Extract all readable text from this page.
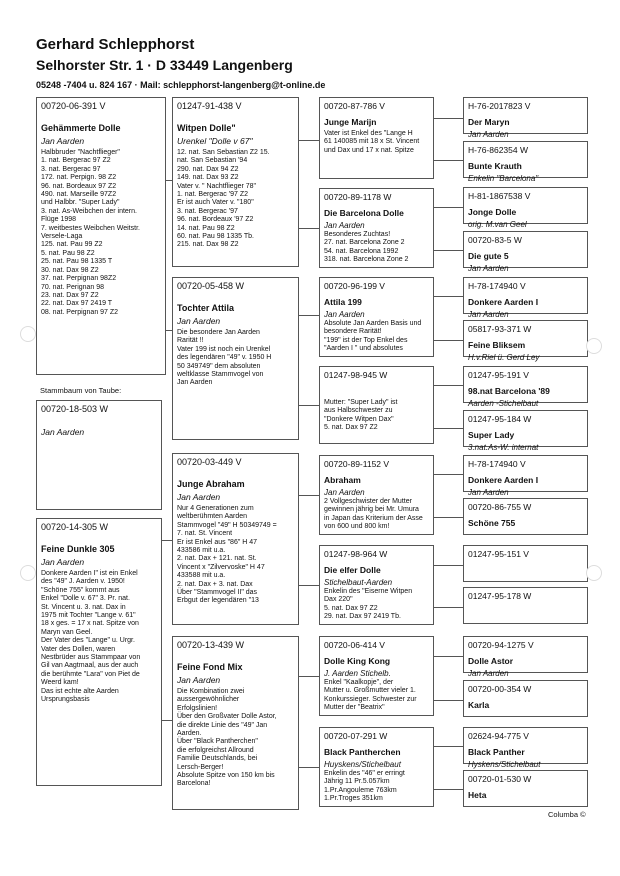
Gerhard Schlepphorst
Selhorster Str. 1 · D 33449 Langenberg
05248 -7404 u. 824 167 · Mail: schlepphorst-langenberg@t-online.de
00720-06-391 V
Gehämmerte Dolle
Jan Aarden
Halbbruder "Nachtflieger"
1. nat. Bergerac 97 Z2
3. nat. Bergerac 97
172. nat. Perpign. 98 Z2
96. nat. Bordeaux 97 Z2
490. nat. Marseille 97Z2
und Halbbr. "Super Lady"
3. nat. As-Weibchen der intern.
Flüge 1998
7. weitbestes Weibchen Weitstr.
Versele-Laga
125. nat. Pau 99 Z2
5. nat. Pau 98 Z2
25. nat. Pau 98 1335 T
30. nat. Dax 98 Z2
37. nat. Perpignan 98Z2
70. nat. Perignan 98
23. nat. Dax 97 Z2
22. nat. Dax 97 2419 T
08. nat. Perpignan 97 Z2
Stammbaum von Taube:
00720-18-503 W
Jan Aarden
00720-14-305 W
Feine Dunkle 305
Jan Aarden
Donkere Aarden I" ist ein Enkel
des "49" J. Aarden v. 1950!
"Schöne 755" kommt aus
Enkel "Dolle v. 67" 3. Pr. nat.
St. Vincent u. 3. nat. Dax in
1975 mit Tochter "Lange v. 61"
18 x ges. = 17 x nat. Spitze von
Maryn van Geel.
Der Vater des "Lange" u. Urgr.
Vater des Dollen, waren
Nestbrüder aus Stammpaar von
Gil van Aagtmaal, aus der auch
die berühmte "Lara" von Piet de
Weerd kam!
Das ist echte alte Aarden
Ursprungsbasis
01247-91-438 V
Witpen Dolle"
Urenkel "Dolle v 67"
12. nat. San Sebastian Z2 15.
nat. San Sebastian '94
290. nat. Dax 94 Z2
149. nat. Dax 93 Z2
Vater v. " Nachtflieger 78"
1. nat. Bergerac '97 Z2
Er ist auch Vater v. "180"
3. nat. Bergerac '97
96. nat. Bordeaux '97 Z2
14. nat. Pau 98 Z2
60. nat. Pau 98 1335 Tb.
215. nat. Dax 98 Z2
00720-05-458 W
Tochter Attila
Jan Aarden
Die besondere Jan Aarden
Rarität !!
Vater 199 ist noch ein Urenkel
des legendären "49" v. 1950 H
50 349749" dem absoluten
weltklasse Stammvogel von
Jan Aarden
00720-03-449 V
Junge Abraham
Jan Aarden
Nur 4 Generationen zum
weltberühmten Aarden
Stammvogel "49" H 50349749 =
7. nat. St. Vincent
Er ist Enkel aus "86" H 47
433586 mit u.a.
2. nat. Dax + 121. nat. St.
Vincent x "Zilvervoske" H 47
433588 mit u.a.
2. nat. Dax + 3. nat. Dax
Über "Stammvogel II" das
Erbgut der legendären "13
00720-13-439 W
Feine Fond Mix
Jan Aarden
Die Kombination zwei
aussergewöhnlicher
Erfolgslinien!
Über den Großvater Dolle Astor,
die direkte Linie des "49" Jan
Aarden.
Über "Black Pantherchen"
die erfolgreichst Allround
Familie Deutschlands, bei
Lersch-Berger!
Absolute Spitze von 150 km bis
Barcelona!
00720-87-786 V
Junge Marijn
Vater ist Enkel des "Lange H
61 140085 mit 18 x St. Vincent
und Dax und 17 x nat. Spitze
00720-89-1178 W
Die Barcelona Dolle
Jan Aarden
Besonderes Zuchtas!
27. nat. Barcelona Zone 2
54. nat. Barcelona 1992
318. nat. Barcelona Zone 2
00720-96-199 V
Attila 199
Jan Aarden
Absolute Jan Aarden Basis und
besondere Rarität!
"199" ist der Top Enkel des
"Aarden I " und absolutes
01247-98-945 W
Mutter: "Super Lady" ist
aus Halbschwester zu
"Donkere Witpen Dax"
5. nat. Dax 97 Z2
00720-89-1152 V
Abraham
Jan Aarden
2 Vollgeschwister der Mutter
gewinnen jährig bei Mr. Umura
in Japan das Kriterium der Asse
von 600 und 800 km!
01247-98-964 W
Die elfer Dolle
Stichelbaut-Aarden
Enkelin des "Eiserne Witpen
Dax 220"
5. nat. Dax 97 Z2
29. nat. Dax 97 2419 Tb.
00720-06-414 V
Dolle King Kong
J. Aarden Stichelb.
Enkel "Kaalkopje", der
Mutter u. Großmutter vieler 1.
Konkurssieger. Schwester zur
Mutter der "Beatrix"
00720-07-291 W
Black Pantherchen
Huyskens/Stichelbaut
Enkelin des "46" er erringt
Jährig 11 Pr.5.057km
1.Pr.Angouleme 763km
1.Pr.Troges 351km
H-76-2017823 V
Der Maryn
Jan Aarden
H-76-862354 W
Bunte Krauth
Enkelin "Barcelona"
H-81-1867538 V
Jonge Dolle
orig. M.van Geel
00720-83-5 W
Die gute 5
Jan Aarden
H-78-174940 V
Donkere Aarden I
Jan Aarden
05817-93-371 W
Feine Bliksem
H.v.Riel ü. Gerd Ley
01247-95-191 V
98.nat Barcelona '89
Aarden -Stichelbaut
01247-95-184 W
Super Lady
3.nat.As-W. internat
H-78-174940 V
Donkere Aarden I
Jan Aarden
00720-86-755 W
Schöne 755
01247-95-151 V
01247-95-178 W
00720-94-1275 V
Dolle Astor
Jan Aarden
00720-00-354 W
Karla
02624-94-775 V
Black Panther
Hyskens/Stichelbaut
00720-01-530 W
Heta
Columba ©
